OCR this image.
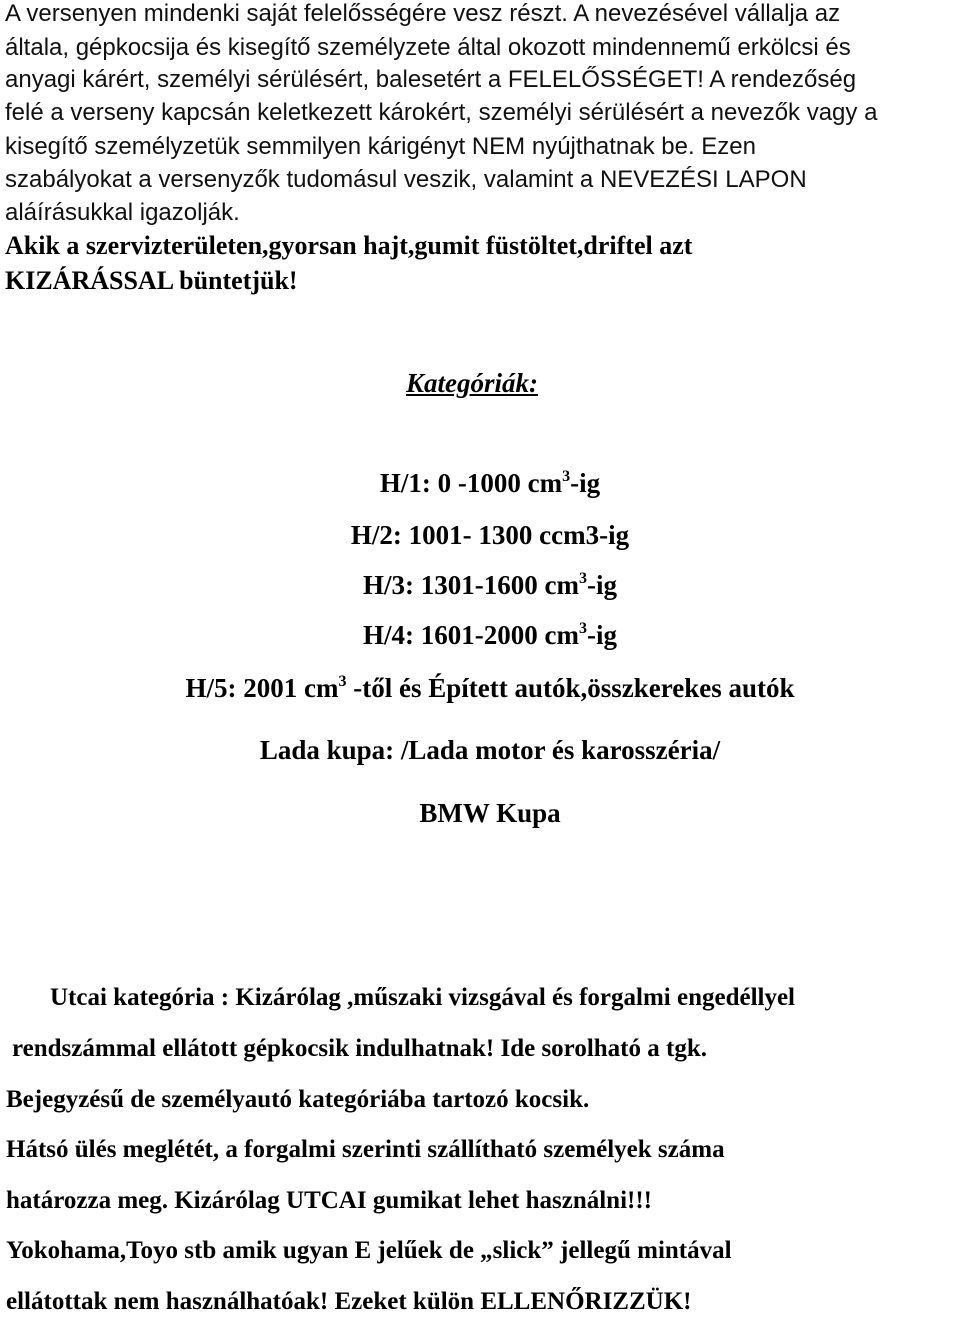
A versenyen mindenki saját felelősségére vesz részt. A nevezésével vállalja az
általa, gépkocsija és kisegítő személyzete által okozott mindennemű erkölcsi és
anyagi kárért, személyi sérülésért, balesetért a FELELŐSSÉGET! A rendezőség
felé a verseny kapcsán keletkezett károkért, személyi sérülésért a nevezők vagy a
kisegítő személyzetük semmilyen kárigényt NEM nyújthatnak be. Ezen
szabályokat a versenyzők tudomásul veszik, valamint a NEVEZÉSI LAPON
aláírásukkal igazolják.
Akik a szervizterületen,gyorsan hajt,gumit füstöltet,driftel azt
KIZÁRÁSSAL büntetjük!
Kategóriák:
H/1: 0 -1000 $cm^3-ig$
H/2: 1001- 1300 ccm3-ig
H/3: 1301-1600 $cm^3-ig$
H/4: 1601-2000 $cm^3-ig$
H/5: 2001 $cm^3$ -től és Épített autók,összkerekes autók
Lada kupa: /Lada motor és karosszéria/
BMW Kupa
Utcai kategória : Kizárólag ,műszaki vizsgával és forgalmi engedéllyel
rendszámmal ellátott gépkocsik indulhatnak! Ide sorolható a tgk.
Bejegyzésű de személyautó kategóriába tartozó kocsik.
Hátsó ülés meglétét, a forgalmi szerinti szállítható személyek száma
határozza meg. Kizárólag UTCAI gumikat lehet használni!!!
Yokohama,Toyo stb amik ugyan E jelűek de „slick” jellegű mintával
ellátottak nem használhatóak! Ezeket külön ELLENŐRIZZÜK!
